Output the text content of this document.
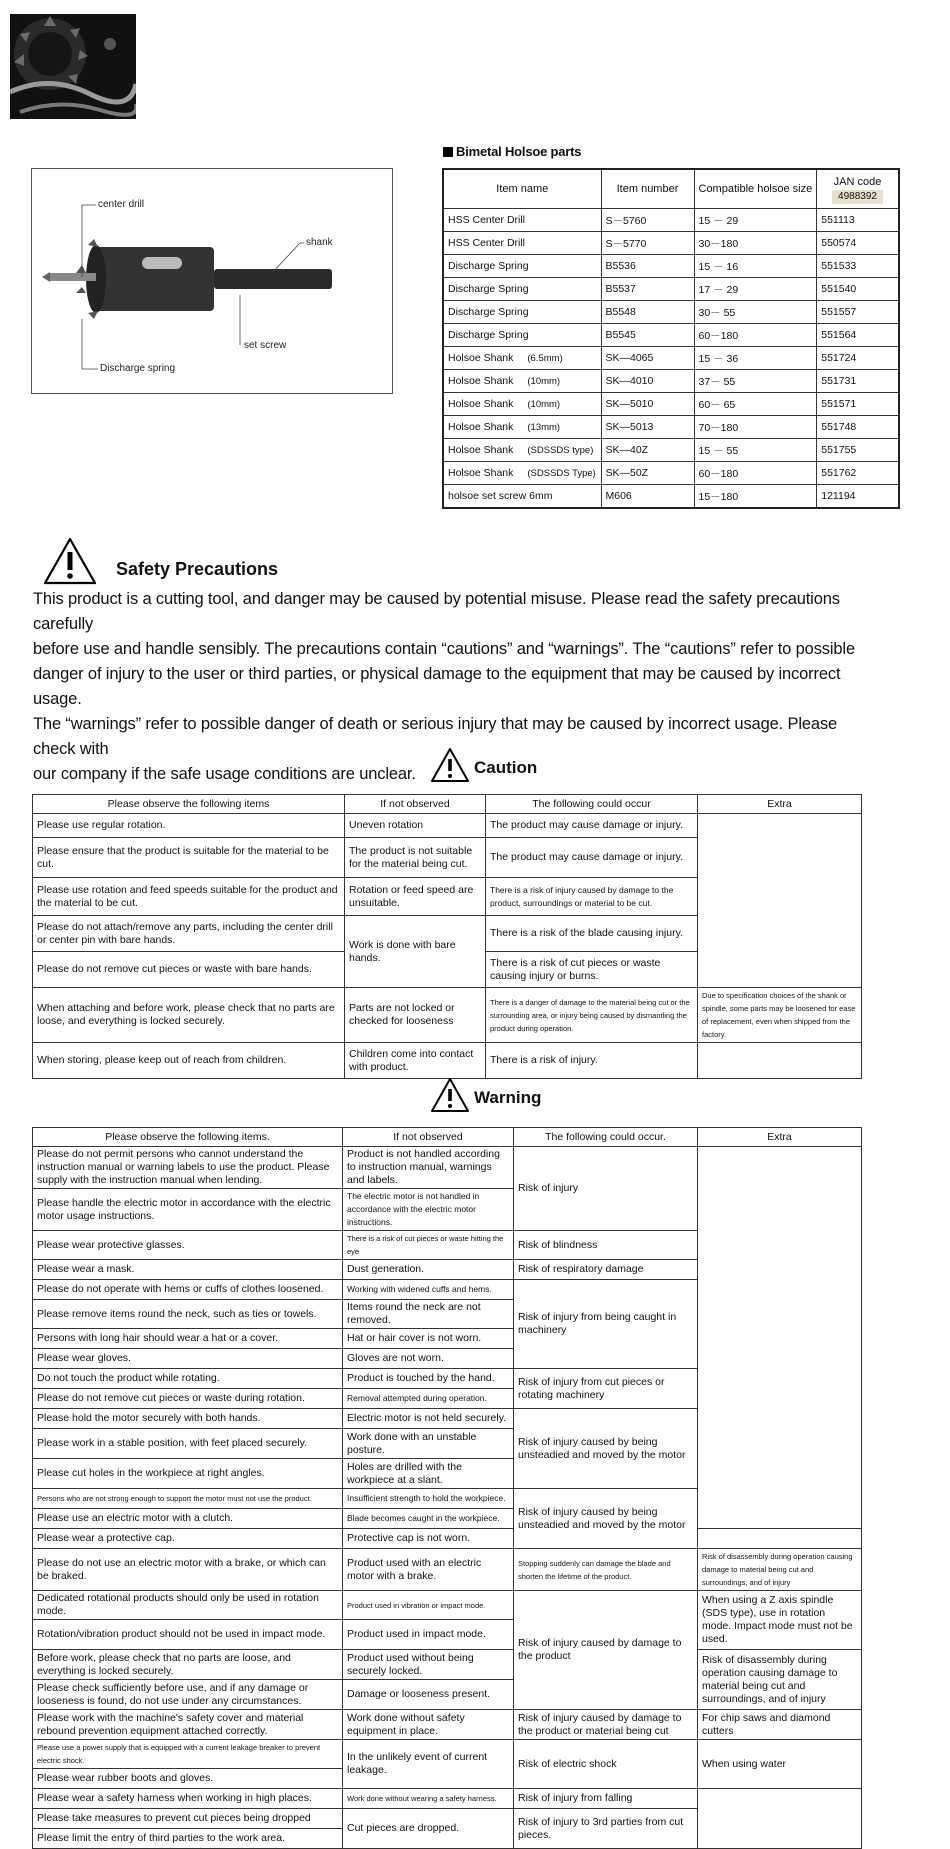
center drill
shank
set screw
Discharge spring
Bimetal Holsoe parts
Item name	Item number	Compatible holsoe size	JAN code
4988392
HSS Center Drill	S－5760	15 － 29	551113
HSS Center Drill	S－5770	30－180	550574
Discharge Spring	B5536	15 － 16	551533
Discharge Spring	B5537	17 － 29	551540
Discharge Spring	B5548	30－ 55	551557
Discharge Spring	B5545	60－180	551564
Holsoe Shank (6.5mm)	SK—4065	15 － 36	551724
Holsoe Shank (10mm)	SK—4010	37－ 55	551731
Holsoe Shank (10mm)	SK—5010	60－ 65	551571
Holsoe Shank (13mm)	SK—5013	70－180	551748
Holsoe Shank (SDSSDS type)	SK—40Z	15 － 55	551755
Holsoe Shank (SDSSDS Type)	SK—50Z	60－180	551762
holsoe set screw 6mm	M606	15－180	121194
Safety Precautions
This product is a cutting tool, and danger may be caused by potential misuse. Please read the safety precautions carefully
before use and handle sensibly. The precautions contain “cautions” and “warnings”. The “cautions” refer to possible
danger of injury to the user or third parties, or physical damage to the equipment that may be caused by incorrect usage.
The “warnings” refer to possible danger of death or serious injury that may be caused by incorrect usage. Please check with
our company if the safe usage conditions are unclear.	Caution
Please observe the following items	If not observed	The following could occur	Extra
Please use regular rotation.	Uneven rotation	The product may cause damage or injury.	
Please ensure that the product is suitable for the material to be cut.	The product is not suitable for the material being cut.	The product may cause damage or injury.	
Please use rotation and feed speeds suitable for the product and the material to be cut.	Rotation or feed speed are unsuitable.	There is a risk of injury caused by damage to the product, surroundings or material to be cut.	
Please do not attach/remove any parts, including the center drill or center pin with bare hands.	Work is done with bare hands.	There is a risk of the blade causing injury.	
Please do not remove cut pieces or waste with bare hands.		There is a risk of cut pieces or waste causing injury or burns.	
When attaching and before work, please check that no parts are loose, and everything is locked securely.	Parts are not locked or checked for looseness	There is a danger of damage to the material being cut or the surrounding area, or injury being caused by dismantling the product during operation.	Due to specification choices of the shank or spindle, some parts may be loosened for ease of replacement, even when shipped from the factory.
When storing, please keep out of reach from children.	Children come into contact with product.	There is a risk of injury.	
Warning
Please observe the following items.	If not observed	The following could occur.	Extra
Please do not permit persons who cannot understand the instruction manual or warning labels to use the product. Please supply with the instruction manual when lending.	Product is not handled according to instruction manual, warnings and labels.	Risk of injury	
Please handle the electric motor in accordance with the electric motor usage instructions.	The electric motor is not handled in accordance with the electric motor instructions.		
Please wear protective glasses.	There is a risk of cut pieces or waste hitting the eye	Risk of blindness	
Please wear a mask.	Dust generation.	Risk of respiratory damage	
Please do not operate with hems or cuffs of clothes loosened.	Working with widened cuffs and hems.	Risk of injury from being caught in machinery	
Please remove items round the neck, such as ties or towels.	Items round the neck are not removed.		
Persons with long hair should wear a hat or a cover.	Hat or hair cover is not worn.		
Please wear gloves.	Gloves are not worn.		
Do not touch the product while rotating.	Product is touched by the hand.	Risk of injury from cut pieces or rotating machinery	
Please do not remove cut pieces or waste during rotation.	Removal attempted during operation.		
Please hold the motor securely with both hands.	Electric motor is not held securely.	Risk of injury caused by being unsteadied and moved by the motor	
Please work in a stable position, with feet placed securely.	Work done with an unstable posture.		
Please cut holes in the workpiece at right angles.	Holes are drilled with the workpiece at a slant.		
Persons who are not strong enough to support the motor must not use the product.	Insufficient strength to hold the workpiece.	Risk of injury caused by being unsteadied and moved by the motor	
Please use an electric motor with a clutch.	Blade becomes caught in the workpiece.		
Please wear a protective cap.	Protective cap is not worn.		
Please do not use an electric motor with a brake, or which can be braked.	Product used with an electric motor with a brake.	Stopping suddenly can damage the blade and shorten the lifetime of the product.	Risk of disassembly during operation causing damage to material being cut and surroundings, and of injury
Dedicated rotational products should only be used in rotation mode.	Product used in vibration or impact mode.	Risk of injury caused by damage to the product	When using a Z axis spindle (SDS type), use in rotation mode. Impact mode must not be used.
Rotation/vibration product should not be used in impact mode.	Product used in impact mode.		
Before work, please check that no parts are loose, and everything is locked securely.	Product used without being securely locked.		Risk of disassembly during operation causing damage to material being cut and surroundings, and of injury
Please check sufficiently before use, and if any damage or looseness is found, do not use under any circumstances.	Damage or looseness present.		
Please work with the machine's safety cover and material rebound prevention equipment attached correctly.	Work done without safety equipment in place.	Risk of injury caused by damage to the product or material being cut	For chip saws and diamond cutters
Please use a power supply that is equipped with a current leakage breaker to prevent electric shock.	In the unlikely event of current leakage.	Risk of electric shock	When using water
Please wear rubber boots and gloves.			
Please wear a safety harness when working in high places.	Work done without wearing a safety harness.	Risk of injury from falling	
Please take measures to prevent cut pieces being dropped	Cut pieces are dropped.	Risk of injury to 3rd parties from cut pieces.	
Please limit the entry of third parties to the work area.			
